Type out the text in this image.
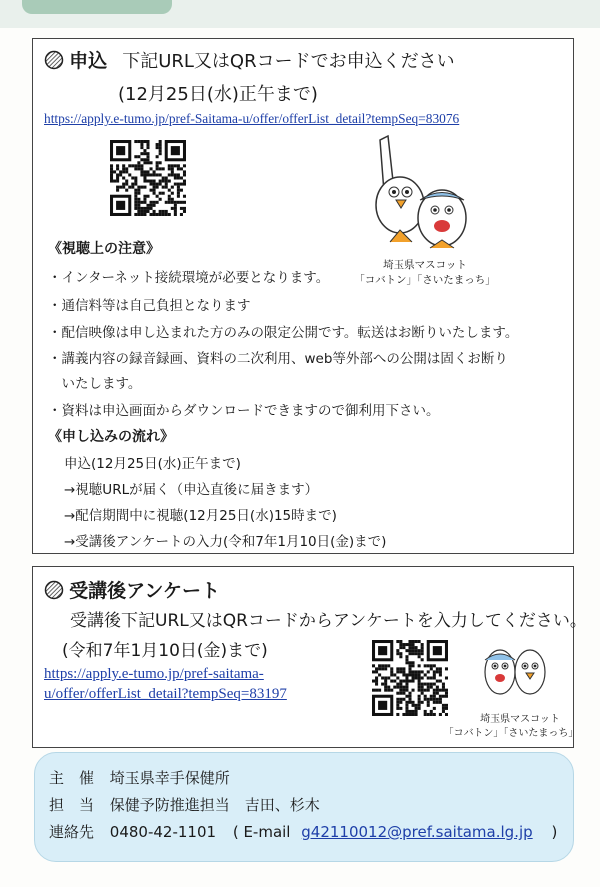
申込 下記URL又はQRコードでお申込ください
(12月25日(水)正午まで)
https://apply.e-tumo.jp/pref-Saitama-u/offer/offerList_detail?tempSeq=83076
埼玉県マスコット
「コバトン」「さいたまっち」
《視聴上の注意》
・インターネット接続環境が必要となります。
・通信料等は自己負担となります
・配信映像は申し込まれた方のみの限定公開です。転送はお断りいたします。
・講義内容の録音録画、資料の二次利用、web等外部への公開は固くお断り
　いたします。
・資料は申込画面からダウンロードできますので御利用下さい。
《申し込みの流れ》
申込(12月25日(水)正午まで)
→視聴URLが届く（申込直後に届きます）
→配信期間中に視聴(12月25日(水)15時まで)
→受講後アンケートの入力(令和7年1月10日(金)まで)
受講後アンケート
受講後下記URL又はQRコードからアンケートを入力してください。
(令和7年1月10日(金)まで)
https://apply.e-tumo.jp/pref-saitama-
u/offer/offerList_detail?tempSeq=83197
埼玉県マスコット
「コバトン」「さいたまっち」
主　催 埼玉県幸手保健所
担　当 保健予防推進担当　吉田、杉木
連絡先 0480-42-1101 ( E-mail g42110012@pref.saitama.lg.jp )
